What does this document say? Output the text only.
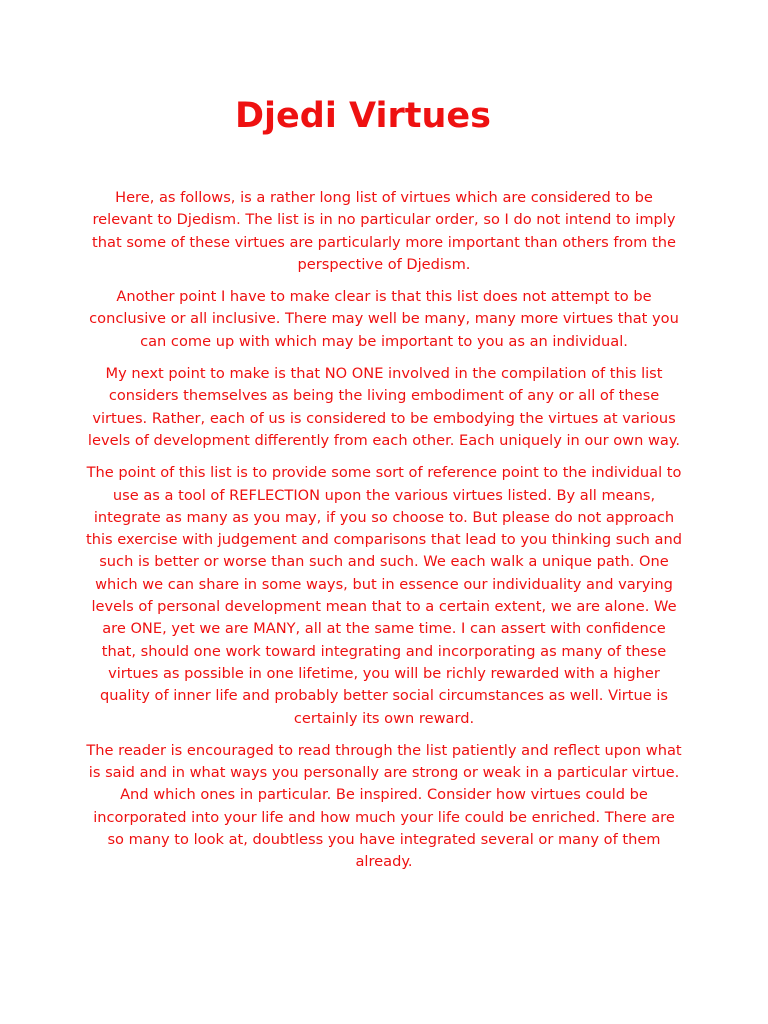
Djedi Virtues

Here, as follows, is a rather long list of virtues which are considered to be relevant to Djedism. The list is in no particular order, so I do not intend to imply that some of these virtues are particularly more important than others from the perspective of Djedism.

Another point I have to make clear is that this list does not attempt to be conclusive or all inclusive. There may well be many, many more virtues that you can come up with which may be important to you as an individual.

My next point to make is that NO ONE involved in the compilation of this list considers themselves as being the living embodiment of any or all of these virtues. Rather, each of us is considered to be embodying the virtues at various levels of development differently from each other. Each uniquely in our own way.

The point of this list is to provide some sort of reference point to the individual to use as a tool of REFLECTION upon the various virtues listed. By all means, integrate as many as you may, if you so choose to. But please do not approach this exercise with judgement and comparisons that lead to you thinking such and such is better or worse than such and such. We each walk a unique path. One which we can share in some ways, but in essence our individuality and varying levels of personal development mean that to a certain extent, we are alone. We are ONE, yet we are MANY, all at the same time. I can assert with confidence that, should one work toward integrating and incorporating as many of these virtues as possible in one lifetime, you will be richly rewarded with a higher quality of inner life and probably better social circumstances as well. Virtue is certainly its own reward.

The reader is encouraged to read through the list patiently and reflect upon what is said and in what ways you personally are strong or weak in a particular virtue. And which ones in particular. Be inspired. Consider how virtues could be incorporated into your life and how much your life could be enriched. There are so many to look at, doubtless you have integrated several or many of them already.
